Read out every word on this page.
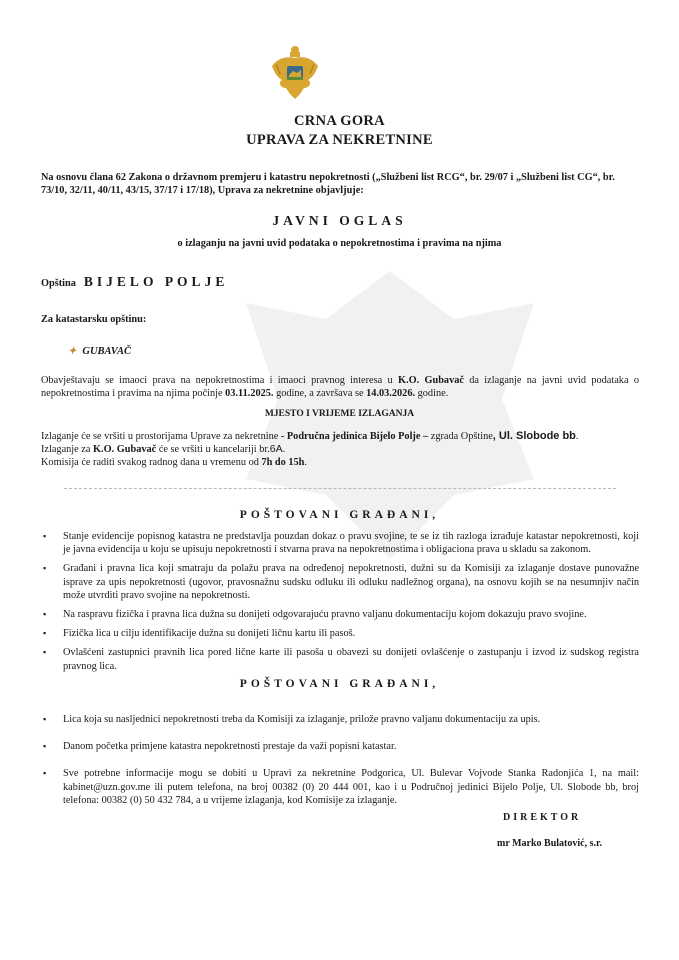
CRNA GORA
UPRAVA ZA NEKRETNINE
Na osnovu člana 62 Zakona o državnom premjeru i katastru nepokretnosti („Službeni list RCG“, br. 29/07 i „Službeni list CG“, br. 73/10, 32/11, 40/11, 43/15, 37/17 i 17/18), Uprava za nekretnine objavljuje:
JAVNI OGLAS
o izlaganju na javni uvid podataka o nepokretnostima i pravima na njima
Opština BIJELO POLJE
Za katastarsku opštinu:
✦ GUBAVAČ
Obavještavaju se imaoci prava na nepokretnostima i imaoci pravnog interesa u K.O. Gubavač da izlaganje na javni uvid podataka o nepokretnostima i pravima na njima počinje 03.11.2025. godine, a završava se 14.03.2026. godine.
MJESTO I VRIJEME IZLAGANJA
Izlaganje će se vršiti u prostorijama Uprave za nekretnine - Područna jedinica Bijelo Polje – zgrada Opštine, Ul. Slobode bb.
Izlaganje za K.O. Gubavač će se vršiti u kancelariji br.6A.
Komisija će raditi svakog radnog dana u vremenu od 7h do 15h.
POŠTOVANI GRAĐANI,
▪ Stanje evidencije popisnog katastra ne predstavlja pouzdan dokaz o pravu svojine, te se iz tih razloga izrađuje katastar nepokretnosti, koji je javna evidencija u koju se upisuju nepokretnosti i stvarna prava na nepokretnostima i obligaciona prava u skladu sa zakonom.
▪ Građani i pravna lica koji smatraju da polažu prava na određenoj nepokretnosti, dužni su da Komisiji za izlaganje dostave punovažne isprave za upis nepokretnosti (ugovor, pravosnažnu sudsku odluku ili odluku nadležnog organa), na osnovu kojih se na nesumnjiv način može utvrditi pravo svojine na nepokretnosti.
▪ Na raspravu fizička i pravna lica dužna su donijeti odgovarajuću pravno valjanu dokumentaciju kojom dokazuju pravo svojine.
▪ Fizička lica u cilju identifikacije dužna su donijeti ličnu kartu ili pasoš.
▪ Ovlašćeni zastupnici pravnih lica pored lične karte ili pasoša u obavezi su donijeti ovlašćenje o zastupanju i izvod iz sudskog registra pravnog lica.
POŠTOVANI GRAĐANI,
▪ Lica koja su nasljednici nepokretnosti treba da Komisiji za izlaganje, prilože pravno valjanu dokumentaciju za upis.
▪ Danom početka primjene katastra nepokretnosti prestaje da važi popisni katastar.
▪ Sve potrebne informacije mogu se dobiti u Upravi za nekretnine Podgorica, Ul. Bulevar Vojvode Stanka Radonjića 1, na mail: kabinet@uzn.gov.me ili putem telefona, na broj 00382 (0) 20 444 001, kao i u Područnoj jedinici Bijelo Polje, Ul. Slobode bb, broj telefona: 00382 (0) 50 432 784, a u vrijeme izlaganja, kod Komisije za izlaganje.
DIREKTOR
mr Marko Bulatović, s.r.
